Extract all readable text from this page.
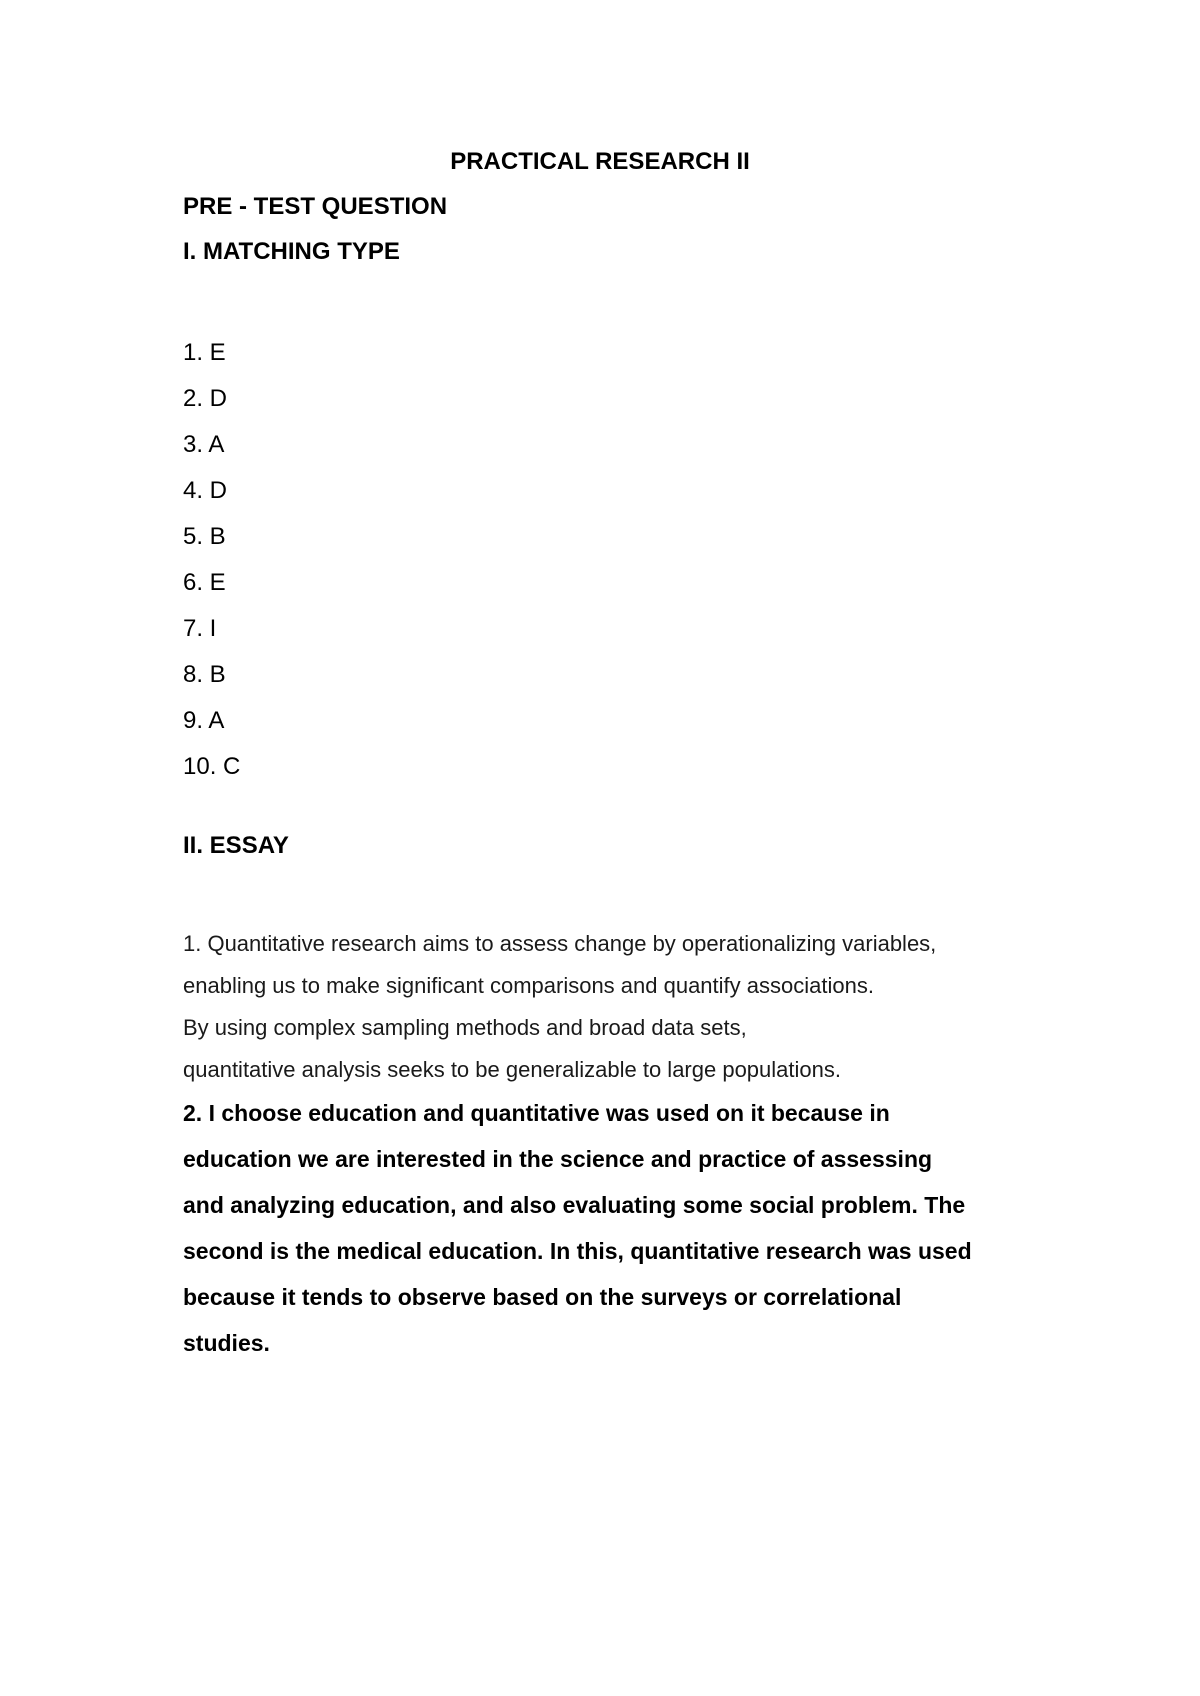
PRACTICAL RESEARCH II
PRE - TEST QUESTION
I. MATCHING TYPE
1. E
2. D
3. A
4. D
5. B
6. E
7. I
8. B
9. A
10. C
II. ESSAY

1. Quantitative research aims to assess change by operationalizing variables,
enabling us to make significant comparisons and quantify associations.
By using complex sampling methods and broad data sets,
quantitative analysis seeks to be generalizable to large populations.

2. I choose education and quantitative was used on it because in
education we are interested in the science and practice of assessing
and analyzing education, and also evaluating some social problem. The
second is the medical education. In this, quantitative research was used
because it tends to observe based on the surveys or correlational
studies.
